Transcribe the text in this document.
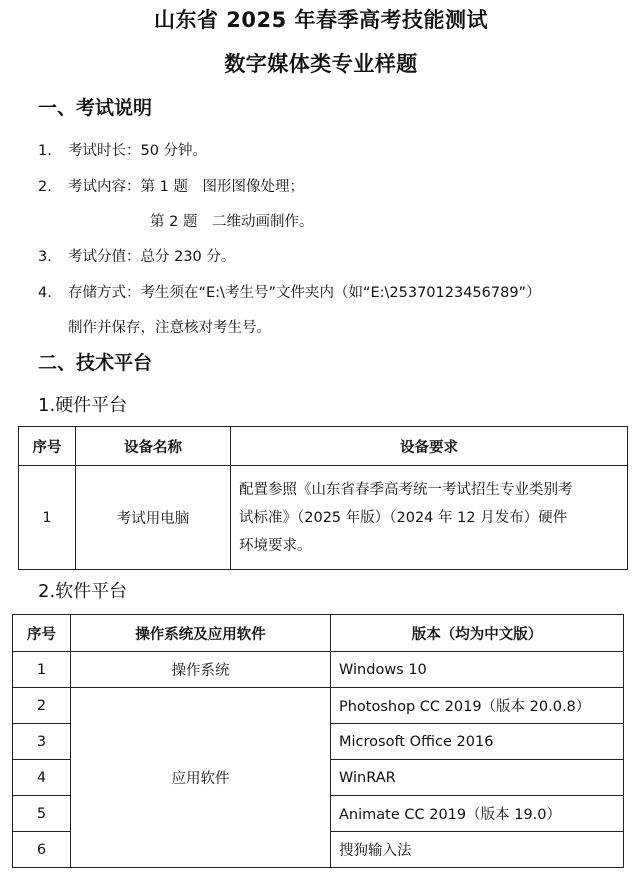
山东省 2025 年春季高考技能测试
数字媒体类专业样题
一、考试说明
1. 考试时长：50 分钟。
2. 考试内容：第 1 题　图形图像处理；
第 2 题　二维动画制作。
3. 考试分值：总分 230 分。
4. 存储方式：考生须在“E:\考生号”文件夹内（如“E:\25370123456789”）
制作并保存，注意核对考生号。
二、技术平台
1.硬件平台
序号	设备名称	设备要求
1	考试用电脑	配置参照《山东省春季高考统一考试招生专业类别考
试标准》（2025 年版）（2024 年 12 月发布）硬件
环境要求。
2.软件平台
序号	操作系统及应用软件	版本（均为中文版）
1	操作系统	Windows 10
2	应用软件	Photoshop CC 2019（版本 20.0.8）
3		Microsoft Office 2016
4		WinRAR
5		Animate CC 2019（版本 19.0）
6		搜狗输入法
